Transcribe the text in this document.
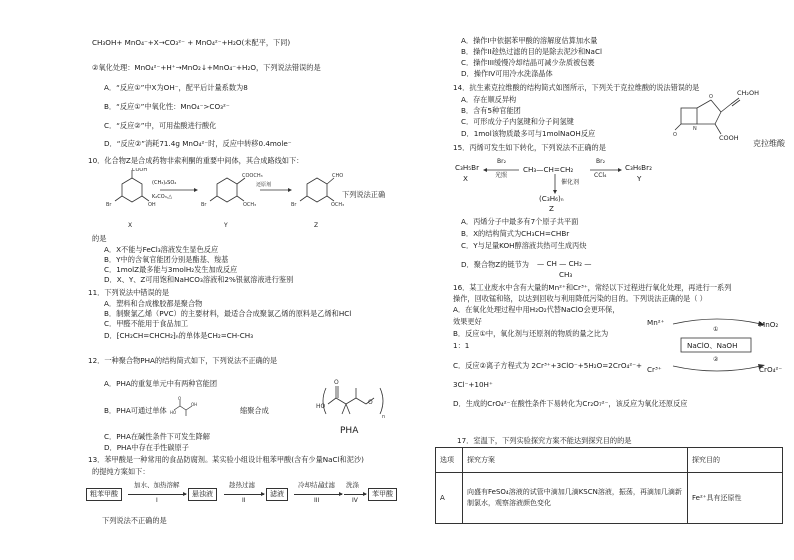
CH₃OH+ MnO₄⁻+X→CO₃²⁻ + MnO₄²⁻+H₂O(未配平，下同)
②氧化处理：MnO₄²⁻+H⁺→MnO₂↓+MnO₄⁻+H₂O，下列说法错误的是
A．“反应①”中X为OH⁻，配平后计量系数为8
B．“反应①”中氧化性：MnO₄⁻>CO₃²⁻
C．“反应②”中，可用盐酸进行酸化
D．“反应②”消耗71.4g MnO₄²⁻时，反应中转移0.4mole⁻
10．化合物Z是合成药物非索利酮的重要中间体，其合成路线如下：
COOH
OH
Br
COOCH₃
OCH₃
Br
CHO
OCH₃
Br
(CH₃)₂SO₄
K₂CO₃,△
还原剂
X	Y	Z
下列说法正确
的是
A．X不能与FeCl₃溶液发生显色反应
B．Y中的含氧官能团分别是酯基、羧基
C．1molZ最多能与3molH₂发生加成反应
D．X、Y、Z可用饱和NaHCO₃溶液和2%银氨溶液进行鉴别
11．下列说法中错误的是
A．塑料和合成橡胶都是聚合物
B．制聚氯乙烯（PVC）的主要材料，最适合合成聚氯乙烯的原料是乙烯和HCl
C．甲醛不能用于食品加工
D．⁅CH₂CH=CHCH₂⁆ₙ的单体是CH₂=CH-CH₃
12．一种聚合物PHA的结构简式如下，下列说法不正确的是
A．PHA的重复单元中有两种官能团
B．PHA可通过单体 HO
O
OH
缩聚合成
C．PHA在碱性条件下可发生降解
D．PHA中存在手性碳原子
HO
O
O
n
PHA
13．苯甲酸是一种常用的食品防腐剂。某实验小组设计粗苯甲酸(含有少量NaCl和泥沙)
的提纯方案如下：
粗苯甲酸
加水、加热溶解
I
悬浊液
趁热过滤
II
滤液
冷却结晶
过滤
III
洗涤
IV
苯甲酸
下列说法不正确的是
A．操作I中依据苯甲酸的溶解度估算加水量
B．操作II趁热过滤的目的是除去泥沙和NaCl
C．操作III缓慢冷却结晶可减少杂质被包裹
D．操作IV可用冷水洗涤晶体
14．抗生素克拉维酸的结构简式如图所示，下列关于克拉维酸的说法错误的是
A．存在顺反异构
B．含有5种官能团
C．可形成分子内氢键和分子间氢键
D．1mol该物质最多可与1molNaOH反应
O
N
O
CH₂OH
COOH
克拉维酸
15．丙烯可发生如下转化，下列说法不正确的是
C₃H₅Br
X
Br₂
光照
CH₃—CH=CH₂
Br₂
CCl₄
C₃H₆Br₂
Y
催化剂
(C₃H₆)ₙ
Z
A．丙烯分子中最多有7个原子共平面
B．X的结构简式为CH₃CH=CHBr
C．Y与足量KOH醇溶液共热可生成丙炔
D．聚合物Z的链节为 — CH — CH₂ —
CH₃
16．某工业废水中含有大量的Mn²⁺和Cr³⁺，常经以下过程进行氧化处理，再进行一系列
操作，回收锰和铬，以达到回收与利用降低污染的目的。下列说法正确的是（ ）
A．在氧化处理过程中用H₂O₂代替NaClO会更环保，
效果更好
B．反应①中，氧化剂与还原剂的物质的量之比为
1：1
C．反应②离子方程式为 2Cr³⁺+3ClO⁻+5H₂O=2CrO₄²⁻+
3Cl⁻+10H⁺
D．生成的CrO₄²⁻在酸性条件下易转化为Cr₂O₇²⁻，该反应为氧化还原反应
Mn²⁺	MnO₂
①
NaClO、NaOH
②
Cr³⁺	CrO₄²⁻
17．室温下，下列实验探究方案不能达到探究目的的是
选项	探究方案	探究目的
A	向盛有FeSO₄溶液的试管中滴加几滴KSCN溶液，振荡，再滴加几滴新制氯水，观察溶液颜色变化	Fe²⁺具有还原性
